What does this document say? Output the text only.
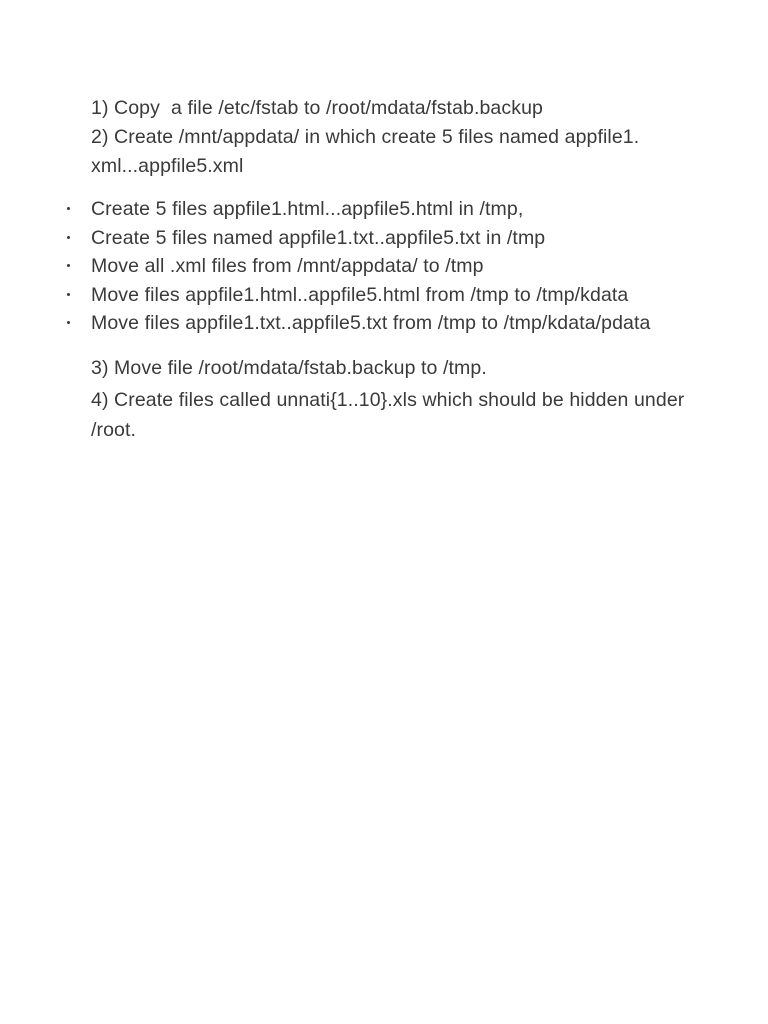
1) Copy  a file /etc/fstab to /root/mdata/fstab.backup

2) Create /mnt/appdata/ in which create 5 files named appfile1. xml...appfile5.xml

Create 5 files appfile1.html...appfile5.html in /tmp,
Create 5 files named appfile1.txt..appfile5.txt in /tmp
Move all .xml files from /mnt/appdata/ to /tmp
Move files appfile1.html..appfile5.html from /tmp to /tmp/kdata
Move files appfile1.txt..appfile5.txt from /tmp to /tmp/kdata/pdata

3) Move file /root/mdata/fstab.backup to /tmp.

4) Create files called unnati{1..10}.xls which should be hidden under /root.
